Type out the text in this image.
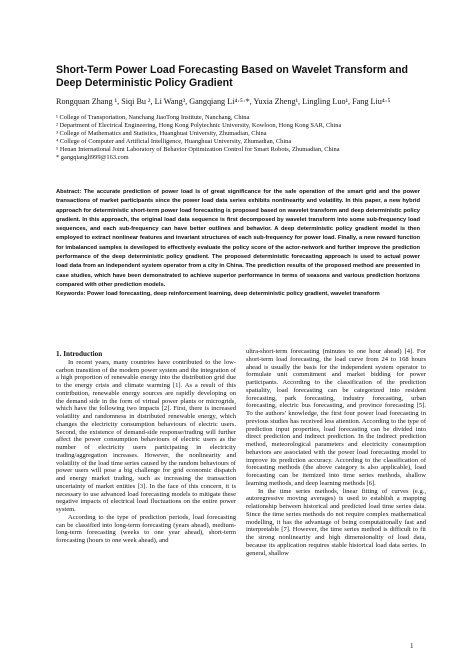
Short-Term Power Load Forecasting Based on Wavelet Transform and Deep Deterministic Policy Gradient
Rongquan Zhang ¹, Siqi Bu ², Li Wang³, Gangqiang Li⁴·⁵·*, Yuxia Zheng¹, Lingling Luo¹, Fang Liu⁴·⁵
¹ College of Transportation, Nanchang JiaoTong Institute, Nanchang, China
² Department of Electrical Engineering, Hong Kong Polytechnic University, Kowloon, Hong Kong SAR, China
³ College of Mathematics and Statistics, Huanghuai University, Zhumadian, China
⁴ College of Computer and Artificial Intelligence, Huanghuai University, Zhumadian, China
⁵ Henan International Joint Laboratory of Behavior Optimization Control for Smart Robots, Zhumadian, China
* gangqiangli999@163.com

Abstract: The accurate prediction of power load is of great significance for the safe operation of the smart grid and the power transactions of market participants since the power load data series exhibits nonlinearity and volatility. In this paper, a new hybrid approach for deterministic short-term power load forecasting is proposed based on wavelet transform and deep deterministic policy gradient. In this approach, the original load data sequence is first decomposed by wavelet transform into some sub-frequency load sequences, and each sub-frequency can have better outlines and behavior. A deep deterministic policy gradient model is then employed to extract nonlinear features and invariant structures of each sub-frequency for power load. Finally, a new reward function for imbalanced samples is developed to effectively evaluate the policy score of the actor-network and further improve the prediction performance of the deep deterministic policy gradient. The proposed deterministic forecasting approach is used to actual power load data from an independent system operator from a city in China. The prediction results of the proposed method are presented in case studies, which have been demonstrated to achieve superior performance in terms of seasons and various prediction horizons compared with other prediction models.

Keywords: Power load forecasting, deep reinforcement learning, deep deterministic policy gradient, wavelet transform

1. Introduction

In recent years, many countries have contributed to the low-carbon transition of the modern power system and the integration of a high proportion of renewable energy into the distribution grid due to the energy crisis and climate warming [1]. As a result of this contribution, renewable energy sources are rapidly developing on the demand side in the form of virtual power plants or microgrids, which have the following two impacts [2]. First, there is increased volatility and randomness in distributed renewable energy, which changes the electricity consumption behaviours of electric users. Second, the existence of demand-side response/trading will further affect the power consumption behaviours of electric users as the number of electricity users participating in electricity trading/aggregation increases. However, the nonlinearity and volatility of the load time series caused by the random behaviours of power users will pose a big challenge for grid economic dispatch and energy market trading, such as increasing the transaction uncertainty of market entities [3]. In the face of this concern, it is necessary to use advanced load forecasting models to mitigate these negative impacts of electrical load fluctuations on the entire power system.

According to the type of prediction periods, load forecasting can be classified into long-term forecasting (years ahead), medium-long-term forecasting (weeks to one year ahead), short-term forecasting (hours to one week ahead), and

ultra-short-term forecasting (minutes to one hour ahead) [4]. For short-term load forecasting, the load curve from 24 to 168 hours ahead is usually the basis for the independent system operator to formulate unit commitment and market bidding for power participants. According to the classification of the prediction spatiality, load forecasting can be categorized into resident forecasting, park forecasting, industry forecasting, urban forecasting, electric bus forecasting, and province forecasting [5]. To the authors' knowledge, the first four power load forecasting in previous studies has received less attention. According to the type of prediction input properties, load forecasting can be divided into direct prediction and indirect prediction. In the indirect prediction method, meteorological parameters and electricity consumption behaviors are associated with the power load forecasting model to improve its prediction accuracy. According to the classification of forecasting methods (the above category is also applicable), load forecasting can be itemized into time series methods, shallow learning methods, and deep learning methods [6].

In the time series methods, linear fitting of curves (e.g., autoregressive moving averages) is used to establish a mapping relationship between historical and predicted load time series data. Since the time series methods do not require complex mathematical modelling, it has the advantage of being computationally fast and interpretable [7]. However, the time series method is difficult to fit the strong nonlinearity and high dimensionality of load data, because its application requires stable historical load data series. In general, shallow

1
